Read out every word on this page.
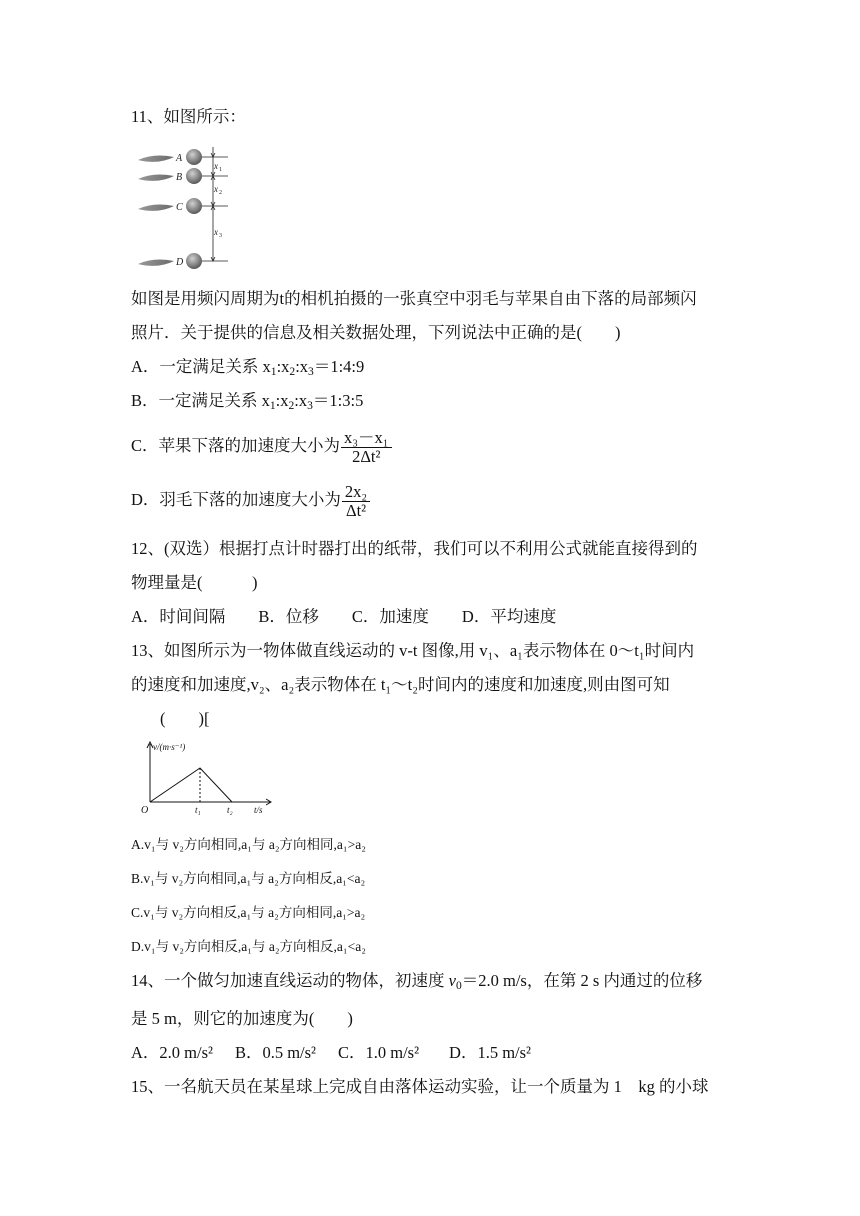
11、如图所示：
A
B
C
D
x 1
x 2
x 3
如图是用频闪周期为t的相机拍摄的一张真空中羽毛与苹果自由下落的局部频闪
照片．关于提供的信息及相关数据处理，下列说法中正确的是(　　)
A．一定满足关系 $x_1:x_2:x_3=1:4:9$
B．一定满足关系 $x_1:x_2:x_3=1:3:5$
C．苹果下落的加速度大小为 $\frac{\text{x₃－x₁}}{\text{2Δt²}}$
D．羽毛下落的加速度大小为 $\frac{\text{2x₂}}{\text{Δt²}}$
12、(双选）根据打点计时器打出的纸带，我们可以不利用公式就能直接得到的
物理量是(　　　)
A．时间间隔　　B．位移　　C．加速度　　D．平均速度
13、如图所示为一物体做直线运动的 v-t 图像,用 v₁、a₁表示物体在 0～t₁时间内
的速度和加速度,v₂、a₂表示物体在 t₁～t₂时间内的速度和加速度,则由图可知
(　　)[
v/(m·s⁻¹)
O	t₁	t₂ t/s
A.v₁与 v₂方向相同,a₁与 a₂方向相同,a₁>a₂
B.v₁与 v₂方向相同,a₁与 a₂方向相反,a₁<a₂
C.v₁与 v₂方向相反,a₁与 a₂方向相同,a₁>a₂
D.v₁与 v₂方向相反,a₁与 a₂方向相反,a₁<a₂
14、一个做匀加速直线运动的物体，初速度 $v_0=2.0$ m/s，在第 2 s 内通过的位移
是 5 m，则它的加速度为(　　)
A．2.0 m/s² B．0.5 m/s² C．1.0 m/s² D．1.5 m/s²
15、一名航天员在某星球上完成自由落体运动实验，让一个质量为 1　kg 的小球
